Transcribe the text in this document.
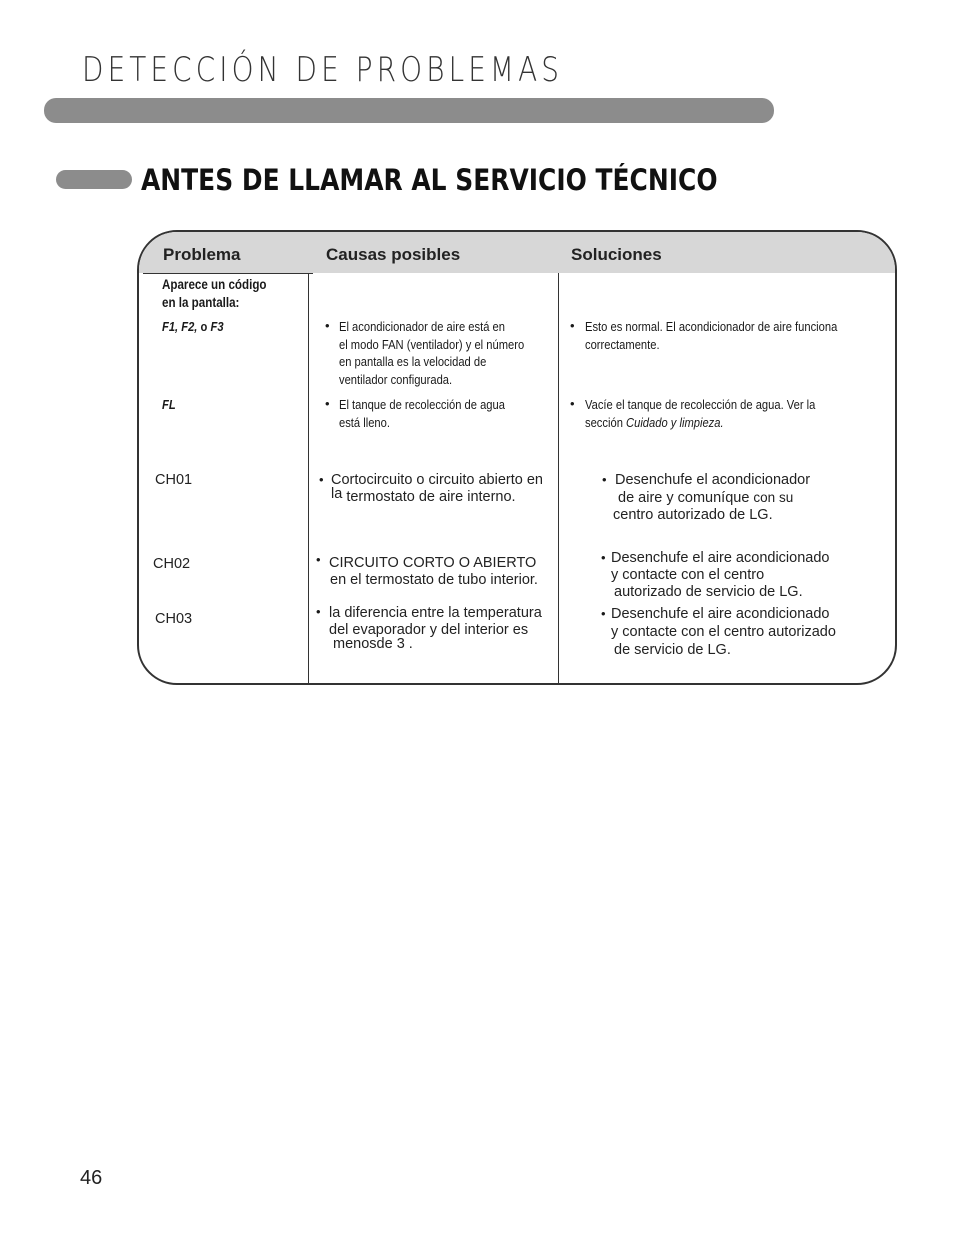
DETECCIÓN DE PROBLEMAS
ANTES DE LLAMAR AL SERVICIO TÉCNICO
Problema	Causas posibles	Soluciones
Aparece un código
en la pantalla:
F1, F2, o F3	• El acondicionador de aire está en
el modo FAN (ventilador) y el número
en pantalla es la velocidad de
ventilador configurada.
• Esto es normal. El acondicionador de aire funciona
correctamente.
FL	• El tanque de recolección de agua
está lleno.
• Vacíe el tanque de recolección de agua. Ver la
sección Cuidado y limpieza.
CH01	• Cortocircuito o circuito abierto en
la termostato de aire interno.
• Desenchufe el acondicionador
de aire y comuníque con su
centro autorizado de LG.
CH02	• CIRCUITO CORTO O ABIERTO
en el termostato de tubo interior.
• Desenchufe el aire acondicionado
y contacte con el centro
autorizado de servicio de LG.
CH03	• la diferencia entre la temperatura
del evaporador y del interior es
menosde 3 .
• Desenchufe el aire acondicionado
y contacte con el centro autorizado
de servicio de LG.
46
